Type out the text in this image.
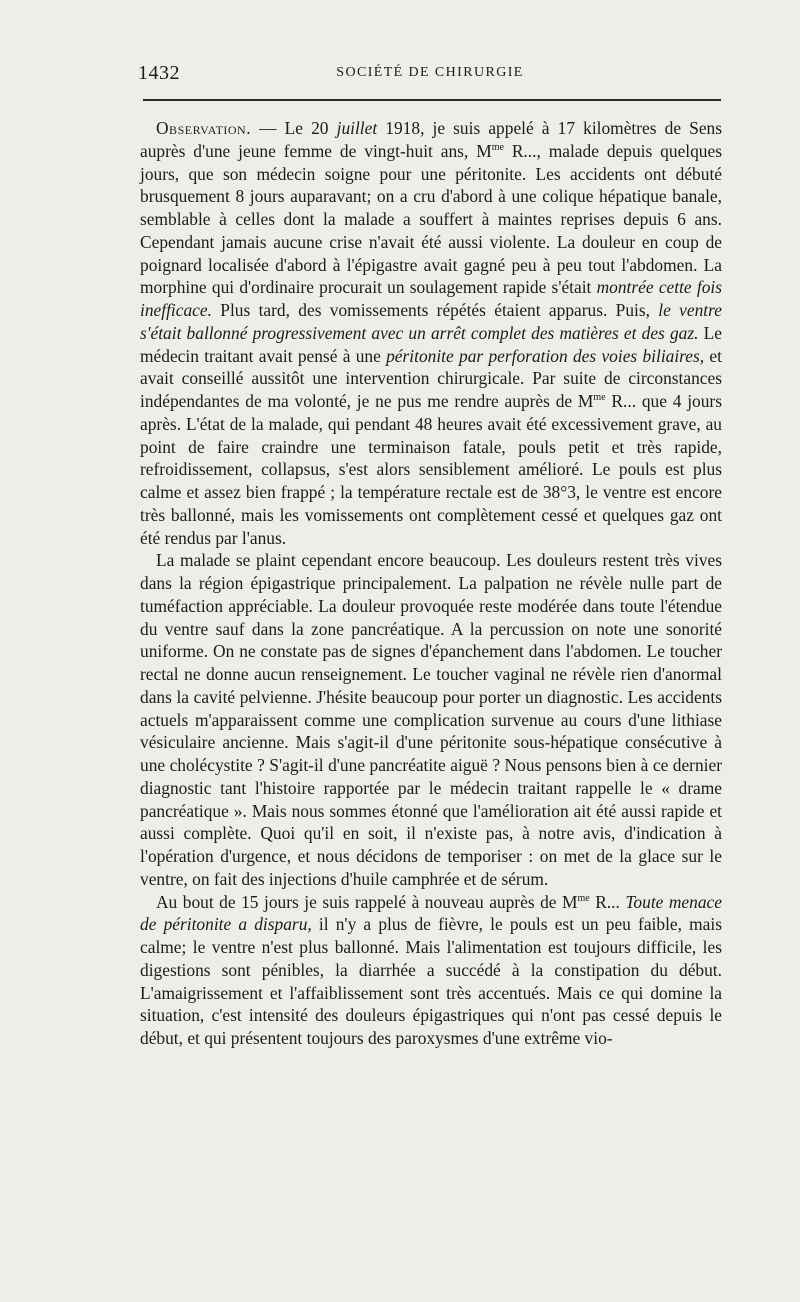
1432	SOCIÉTÉ DE CHIRURGIE

Observation. — Le 20 juillet 1918, je suis appelé à 17 kilomètres de Sens auprès d'une jeune femme de vingt-huit ans, $M^{me}$ R..., malade depuis quelques jours, que son médecin soigne pour une péritonite. Les accidents ont débuté brusquement 8 jours auparavant; on a cru d'abord à une colique hépatique banale, semblable à celles dont la malade a souffert à maintes reprises depuis 6 ans. Cependant jamais aucune crise n'avait été aussi violente. La douleur en coup de poignard localisée d'abord à l'épigastre avait gagné peu à peu tout l'abdomen. La morphine qui d'ordinaire procurait un soulagement rapide s'était montrée cette fois inefficace. Plus tard, des vomissements répétés étaient apparus. Puis, le ventre s'était ballonné progressivement avec un arrêt complet des matières et des gaz. Le médecin traitant avait pensé à une péritonite par perforation des voies biliaires, et avait conseillé aussitôt une intervention chirurgicale. Par suite de circonstances indépendantes de ma volonté, je ne pus me rendre auprès de $M^{me}$ R... que 4 jours après. L'état de la malade, qui pendant 48 heures avait été excessivement grave, au point de faire craindre une terminaison fatale, pouls petit et très rapide, refroidissement, collapsus, s'est alors sensiblement amélioré. Le pouls est plus calme et assez bien frappé ; la température rectale est de 38°3, le ventre est encore très ballonné, mais les vomissements ont complètement cessé et quelques gaz ont été rendus par l'anus.

La malade se plaint cependant encore beaucoup. Les douleurs restent très vives dans la région épigastrique principalement. La palpation ne révèle nulle part de tuméfaction appréciable. La douleur provoquée reste modérée dans toute l'étendue du ventre sauf dans la zone pancréatique. A la percussion on note une sonorité uniforme. On ne constate pas de signes d'épanchement dans l'abdomen. Le toucher rectal ne donne aucun renseignement. Le toucher vaginal ne révèle rien d'anormal dans la cavité pelvienne. J'hésite beaucoup pour porter un diagnostic. Les accidents actuels m'apparaissent comme une complication survenue au cours d'une lithiase vésiculaire ancienne. Mais s'agit-il d'une péritonite sous-hépatique consécutive à une cholécystite ? S'agit-il d'une pancréatite aiguë ? Nous pensons bien à ce dernier diagnostic tant l'histoire rapportée par le médecin traitant rappelle le « drame pancréatique ». Mais nous sommes étonné que l'amélioration ait été aussi rapide et aussi complète. Quoi qu'il en soit, il n'existe pas, à notre avis, d'indication à l'opération d'urgence, et nous décidons de temporiser : on met de la glace sur le ventre, on fait des injections d'huile camphrée et de sérum.

Au bout de 15 jours je suis rappelé à nouveau auprès de $M^{me}$ R... Toute menace de péritonite a disparu, il n'y a plus de fièvre, le pouls est un peu faible, mais calme; le ventre n'est plus ballonné. Mais l'alimentation est toujours difficile, les digestions sont pénibles, la diarrhée a succédé à la constipation du début. L'amaigrissement et l'affaiblissement sont très accentués. Mais ce qui domine la situation, c'est intensité des douleurs épigastriques qui n'ont pas cessé depuis le début, et qui présentent toujours des paroxysmes d'une extrême vio-
